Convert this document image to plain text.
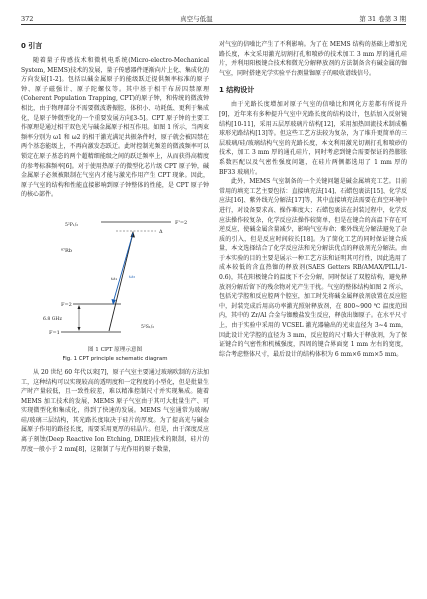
372	真空与低温	第 31 卷第 3 期
0 引言

随着量子传感技术和微机电系统(Micro-electro-Mechanical System, MEMS)技术的发展，量子传感器件逐渐向片上化、集成化的方向发展[1-2]。包括以碱金属原子的能级跃迁提供频率标准的原子钟、原子磁强计、原子陀螺仪等。其中基于相干布居囚禁原理(Coherent Population Trapping, CPT)的原子钟，和传统的微波钟相比，由于物理部分不需要微波谐振腔，体积小、功耗低、更利于集成化，是原子钟微型化的一个重要发展方向[3-5]。CPT 原子钟的主要工作原理是通过相干双色光与碱金属原子相互作用。如图 1 所示，当两束频率分别为 ω1 和 ω2 的相干激光满足共振条件时，原子就会被囚禁在两个基态能级上，不再向激发态跃迁。此时控制光频差的微波频率可以锁定在原子基态的两个超精细能级之间的跃迁频率上，从而获得高精度的参考标准频率[6]。对于使用热原子的微型化芯片级 CPT 原子钟，碱金属原子必须被限制在气室内才能与激光作用产生 CPT 现象。因此，原子气室的结构和性能直接影响到原子钟整体的性能，是 CPT 原子钟的核心部件。

F'=2
5²P₁/₂
Δ
⁸⁷Rb
F=2
F=1
5²S₁/₂
6.8 GHz
ω₁ ω₂
图 1 CPT 原理示意图
Fig. 1 CPT principle schematic diagram

从 20 世纪 60 年代以来[7]，原子气室主要通过玻璃吹制的方法加工，这种结构可以实现较高的透明度和一定程度的小型化，但是批量生产时产量较低，且一致性较差，难以精准控制尺寸并实现集成。随着 MEMS 加工技术的发展，MEMS 原子气室由于其可大批量生产、可实现微型化和集成化，得到了快速的发展。MEMS 气室通常为玻璃/硅/玻璃三层结构，其光路长度取决于硅片的厚度。为了提高光与碱金属原子作用的路径长度，需要采用更厚的硅晶片。但是，由于深度反应离子刻蚀(Deep Reactive Ion Etching, DRIE)技术的限制，硅片的厚度一般小于 2 mm[8]，这限制了与光作用的原子数量，

对气室的信噪比产生了不利影响。为了在 MEMS 结构的基础上增加光路长度，本文采用激光切割打孔和喷砂的技术加工 3 mm 厚的通孔硅片，并利用阳极键合技术和微光分解释放剂的方法制备含有碱金属的铷气室，同时搭建光学实验平台测量铷原子的吸收谱线信号。

1 结构设计

由于光路长度增加对原子气室的信噪比和网化方差都有所提升[9]，近年来有多种提升气室中光路长度的结构设计，包括加入反射镜结构[10-11]，采用五层厚玻璃片结构[12]，采用加热回流技术制成椭球形光路结构[13]等。但这些工艺方法较为复杂，为了堆升更简单的三层玻璃/硅/玻璃结构气室的光路长度，本文利用激光切割打孔和喷砂的技术，加工 3 mm 厚的通孔硅片，同时考虑到键合需要保证的热膨胀系数匹配以及气密性强度问题，在硅片两侧都选用了 1 mm 厚的 BF33 玻璃片。

此外，MEMS 气室制备的一个关键问题是碱金属填充工艺。目前常用的填充工艺主要包括：直接填充法[14]、石蜡包裹法[15]、化学反应法[16]、紫外线光分解法[17]等，其中直接填充法需要在真空环境中进行，对设备要求高、操作难度大；石蜡包裹法在封装过程中，化学反应法操作较复杂，化学反应法操作较简单，但是在键合的高温下存在可逆反应，使碱金属含量减少，影响气室寿命；紫外线光分解法避免了杂质的引入，但是反应时间较长[18]。为了简化工艺的同时保证键合质量，本文选择结合了化学反应法和光分解法优点的释放剂光分解法。由于本实验的目的主要是展示一种工艺方法和证明其可行性，因此选用了成本较低的含直热铷的释放剂(SAES Getters RB/AMAX/PILL/1-0.6)，其在阳极键合的温度下不会分解，同时保证了双腔结构，避免释放剂分解后留下的残余物对光产生干扰。气室的整体结构如图 2 所示，包括光学腔和反应腔两个腔室，加工时先将碱金属释放剂放置在反应腔中，封装完成后用高功率激光照射释放剂，在 800~900 ℃ 温度范围内，其中的 Zr/Al 合金与铷酸盐发生反应，释放出铷原子。在水平尺寸上，由于实验中采用的 VCSEL 激光器输出的光束直径为 3~4 mm，因此设计光学腔的直径为 3 mm，反应腔的尺寸略大于释放剂，为了保证键合的气密性和机械强度，四周的键合界面宽 1 mm 左右的宽度，综合考虑整体尺寸，最后设计的结构体积为 6 mm×6 mm×5 mm。
